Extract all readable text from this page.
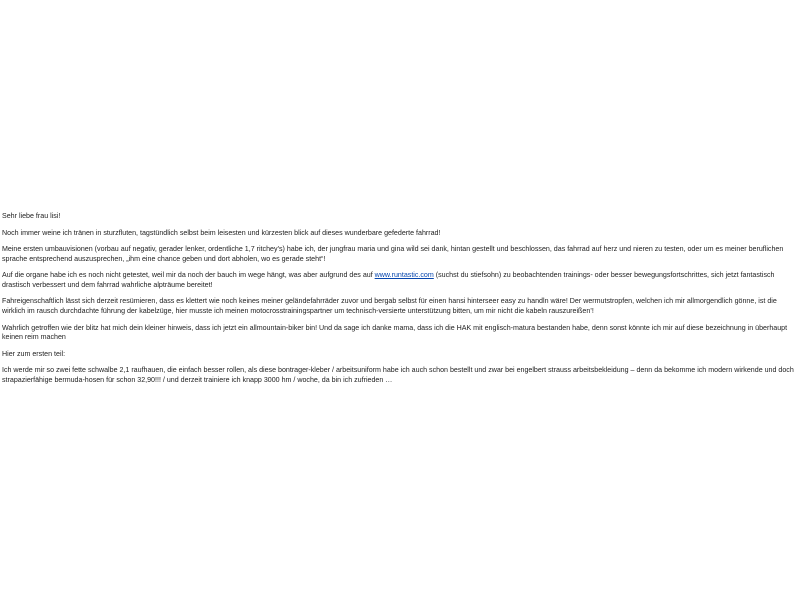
Sehr liebe frau lisi!

Noch immer weine ich tränen in sturzfluten, tagstündlich selbst beim leisesten und kürzesten blick auf dieses wunderbare gefederte fahrrad!

Meine ersten umbauvisionen (vorbau auf negativ, gerader lenker, ordentliche 1,7 ritchey’s) habe ich, der jungfrau maria und gina wild sei dank, hintan gestellt und beschlossen, das fahrrad auf herz und nieren zu testen, oder um es meiner beruflichen sprache entsprechend auszusprechen, „ihm eine chance geben und dort abholen, wo es gerade steht“!

Auf die organe habe ich es noch nicht getestet, weil mir da noch der bauch im wege hängt, was aber aufgrund des auf www.runtastic.com (suchst du stiefsohn) zu beobachtenden trainings- oder besser bewegungsfortschrittes, sich jetzt fantastisch drastisch verbessert und dem fahrrad wahrliche alpträume bereitet!

Fahreigenschaftlich lässt sich derzeit resümieren, dass es klettert wie noch keines meiner geländefahrräder zuvor und bergab selbst für einen hansi hinterseer easy zu handln wäre! Der wermutstropfen, welchen ich mir allmorgendlich gönne, ist die wirklich im rausch durchdachte führung der kabelzüge, hier musste ich meinen motocrosstrainingspartner um technisch-versierte unterstützung bitten, um mir nicht die kabeln rauszureißen’!

Wahrlich getroffen wie der blitz hat mich dein kleiner hinweis, dass ich jetzt ein allmountain-biker bin! Und da sage ich danke mama, dass ich die HAK mit englisch-matura bestanden habe, denn sonst könnte ich mir auf diese bezeichnung in überhaupt keinen reim machen

Hier zum ersten teil:

Ich werde mir so zwei fette schwalbe 2,1 raufhauen, die einfach besser rollen, als diese bontrager-kleber / arbeitsuniform habe ich auch schon bestellt und zwar bei engelbert strauss arbeitsbekleidung – denn da bekomme ich modern wirkende und doch strapazierfähige bermuda-hosen für schon 32,90!!! / und derzeit trainiere ich knapp 3000 hm / woche, da bin ich zufrieden …
